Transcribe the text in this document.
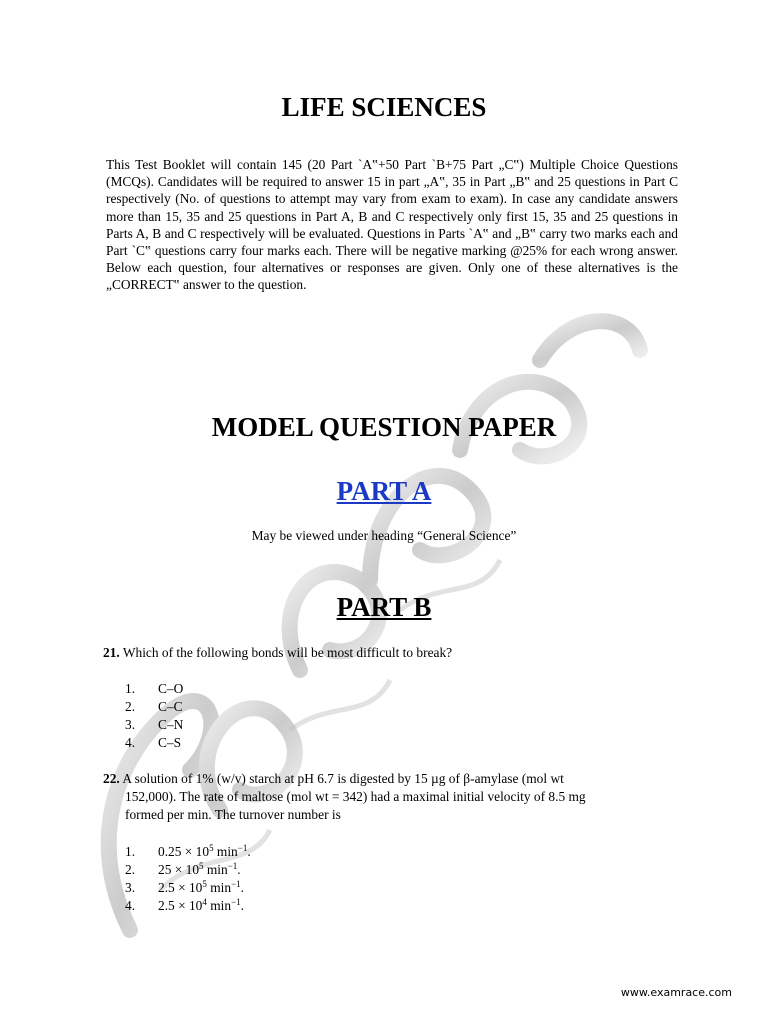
LIFE SCIENCES

This Test Booklet will contain 145 (20 Part `A‟+50 Part `B+75 Part „C‟) Multiple Choice Questions (MCQs). Candidates will be required to answer 15 in part „A‟, 35 in Part „B‟ and 25 questions in Part C respectively (No. of questions to attempt may vary from exam to exam). In case any candidate answers more than 15, 35 and 25 questions in Part A, B and C respectively only first 15, 35 and 25 questions in Parts A, B and C respectively will be evaluated. Questions in Parts `A‟ and „B‟ carry two marks each and Part `C‟ questions carry four marks each. There will be negative marking @25% for each wrong answer. Below each question, four alternatives or responses are given. Only one of these alternatives is the „CORRECT‟ answer to the question.

MODEL QUESTION PAPER
PART A

May be viewed under heading “General Science”

PART B

21. Which of the following bonds will be most difficult to break?

1.	C–O
2.	C–C
3.	C–N
4.	C–S

22. A solution of 1% (w/v) starch at pH 6.7 is digested by 15 µg of β-amylase (mol wt
152,000). The rate of maltose (mol wt = 342) had a maximal initial velocity of 8.5 mg
formed per min. The turnover number is

1.	$0.25 \times 10^5$ $\min^{-1}$.
2.	$25 \times 10^5$ $\min^{-1}$.
3.	$2.5 \times 10^5$ $\min^{-1}$.
4.	$2.5 \times 10^4$ $\min^{-1}$.

www.examrace.com
